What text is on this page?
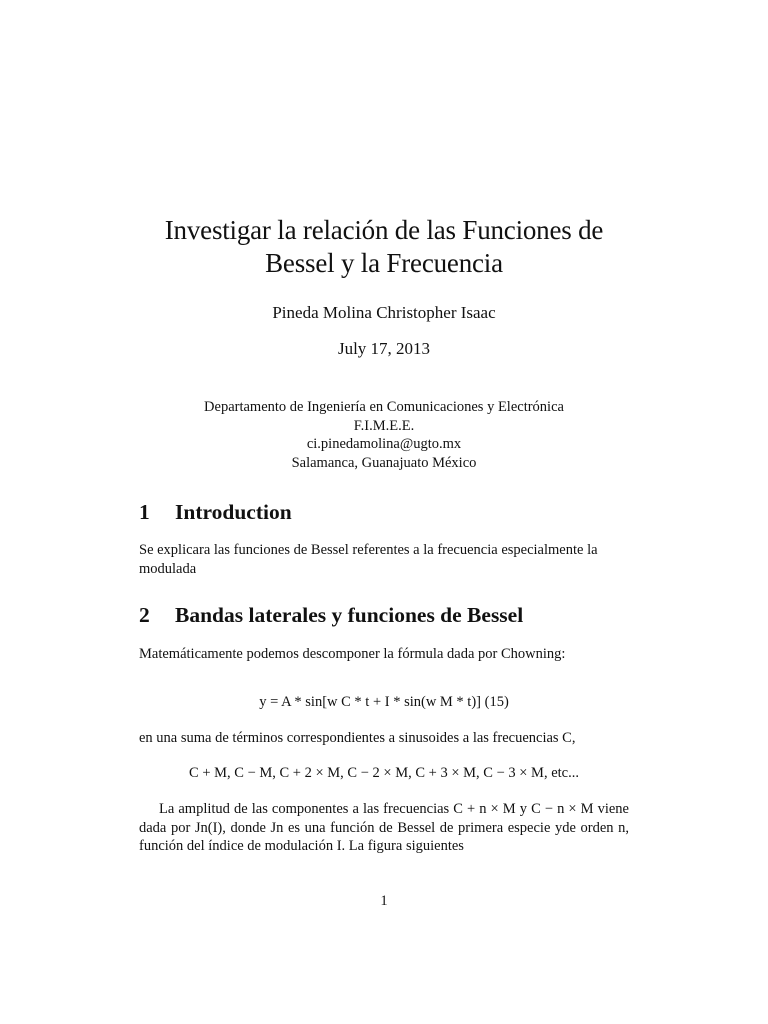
Investigar la relación de las Funciones de
Bessel y la Frecuencia
Pineda Molina Christopher Isaac
July 17, 2013
Departamento de Ingeniería en Comunicaciones y Electrónica
F.I.M.E.E.
ci.pinedamolina@ugto.mx
Salamanca, Guanajuato México
1 Introduction
Se explicara las funciones de Bessel referentes a la frecuencia especialmente la modulada
2 Bandas laterales y funciones de Bessel
Matemáticamente podemos descomponer la fórmula dada por Chowning:
y = A * sin[w C * t + I * sin(w M * t)] (15)
en una suma de términos correspondientes a sinusoides a las frecuencias C,
C + M, C − M, C + 2 × M, C − 2 × M, C + 3 × M, C − 3 × M, etc...
La amplitud de las componentes a las frecuencias C + n × M y C − n × M viene dada por Jn(I), donde Jn es una función de Bessel de primera especie yde orden n, función del índice de modulación I. La figura siguientes
1
